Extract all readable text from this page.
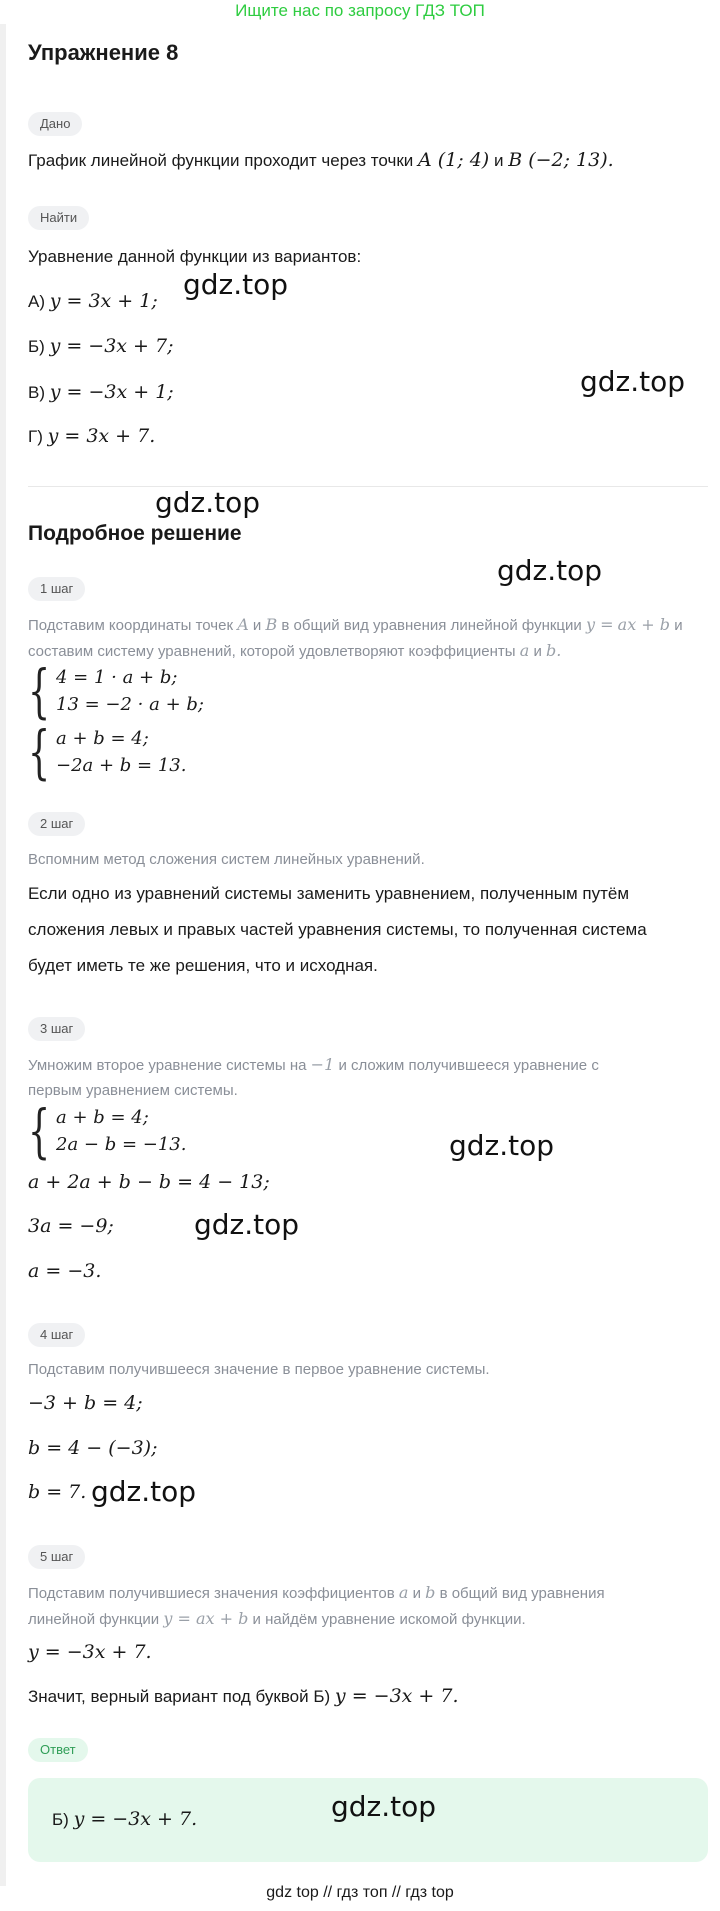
Ищите нас по запросу ГДЗ ТОП
Упражнение 8
Дано
График линейной функции проходит через точки A (1; 4) и B (−2; 13).
Найти
Уравнение данной функции из вариантов:
А) y = 3x + 1;
Б) y = −3x + 7;
В) y = −3x + 1;
Г) y = 3x + 7.
Подробное решение
1 шаг
Подставим координаты точек A и B в общий вид уравнения линейной функции y = ax + b и составим систему уравнений, которой удовлетворяют коэффициенты a и b.
{ 4 = 1 · a + b;
13 = −2 · a + b;
{ a + b = 4;
−2a + b = 13.
2 шаг
Вспомним метод сложения систем линейных уравнений.
Если одно из уравнений системы заменить уравнением, полученным путём
сложения левых и правых частей уравнения системы, то полученная система
будет иметь те же решения, что и исходная.
3 шаг
Умножим второе уравнение системы на −1 и сложим получившееся уравнение с
первым уравнением системы.
{ a + b = 4;
2a − b = −13.
a + 2a + b − b = 4 − 13;
3a = −9;
a = −3.
4 шаг
Подставим получившееся значение в первое уравнение системы.
−3 + b = 4;
b = 4 − (−3);
b = 7.
5 шаг
Подставим получившиеся значения коэффициентов a и b в общий вид уравнения
линейной функции y = ax + b и найдём уравнение искомой функции.
y = −3x + 7.
Значит, верный вариант под буквой Б) y = −3x + 7.
Ответ
Б) y = −3x + 7.
gdz.top
gdz.top
gdz.top
gdz.top
gdz.top
gdz.top
gdz.top
gdz.top
gdz top // гдз топ // гдз top
